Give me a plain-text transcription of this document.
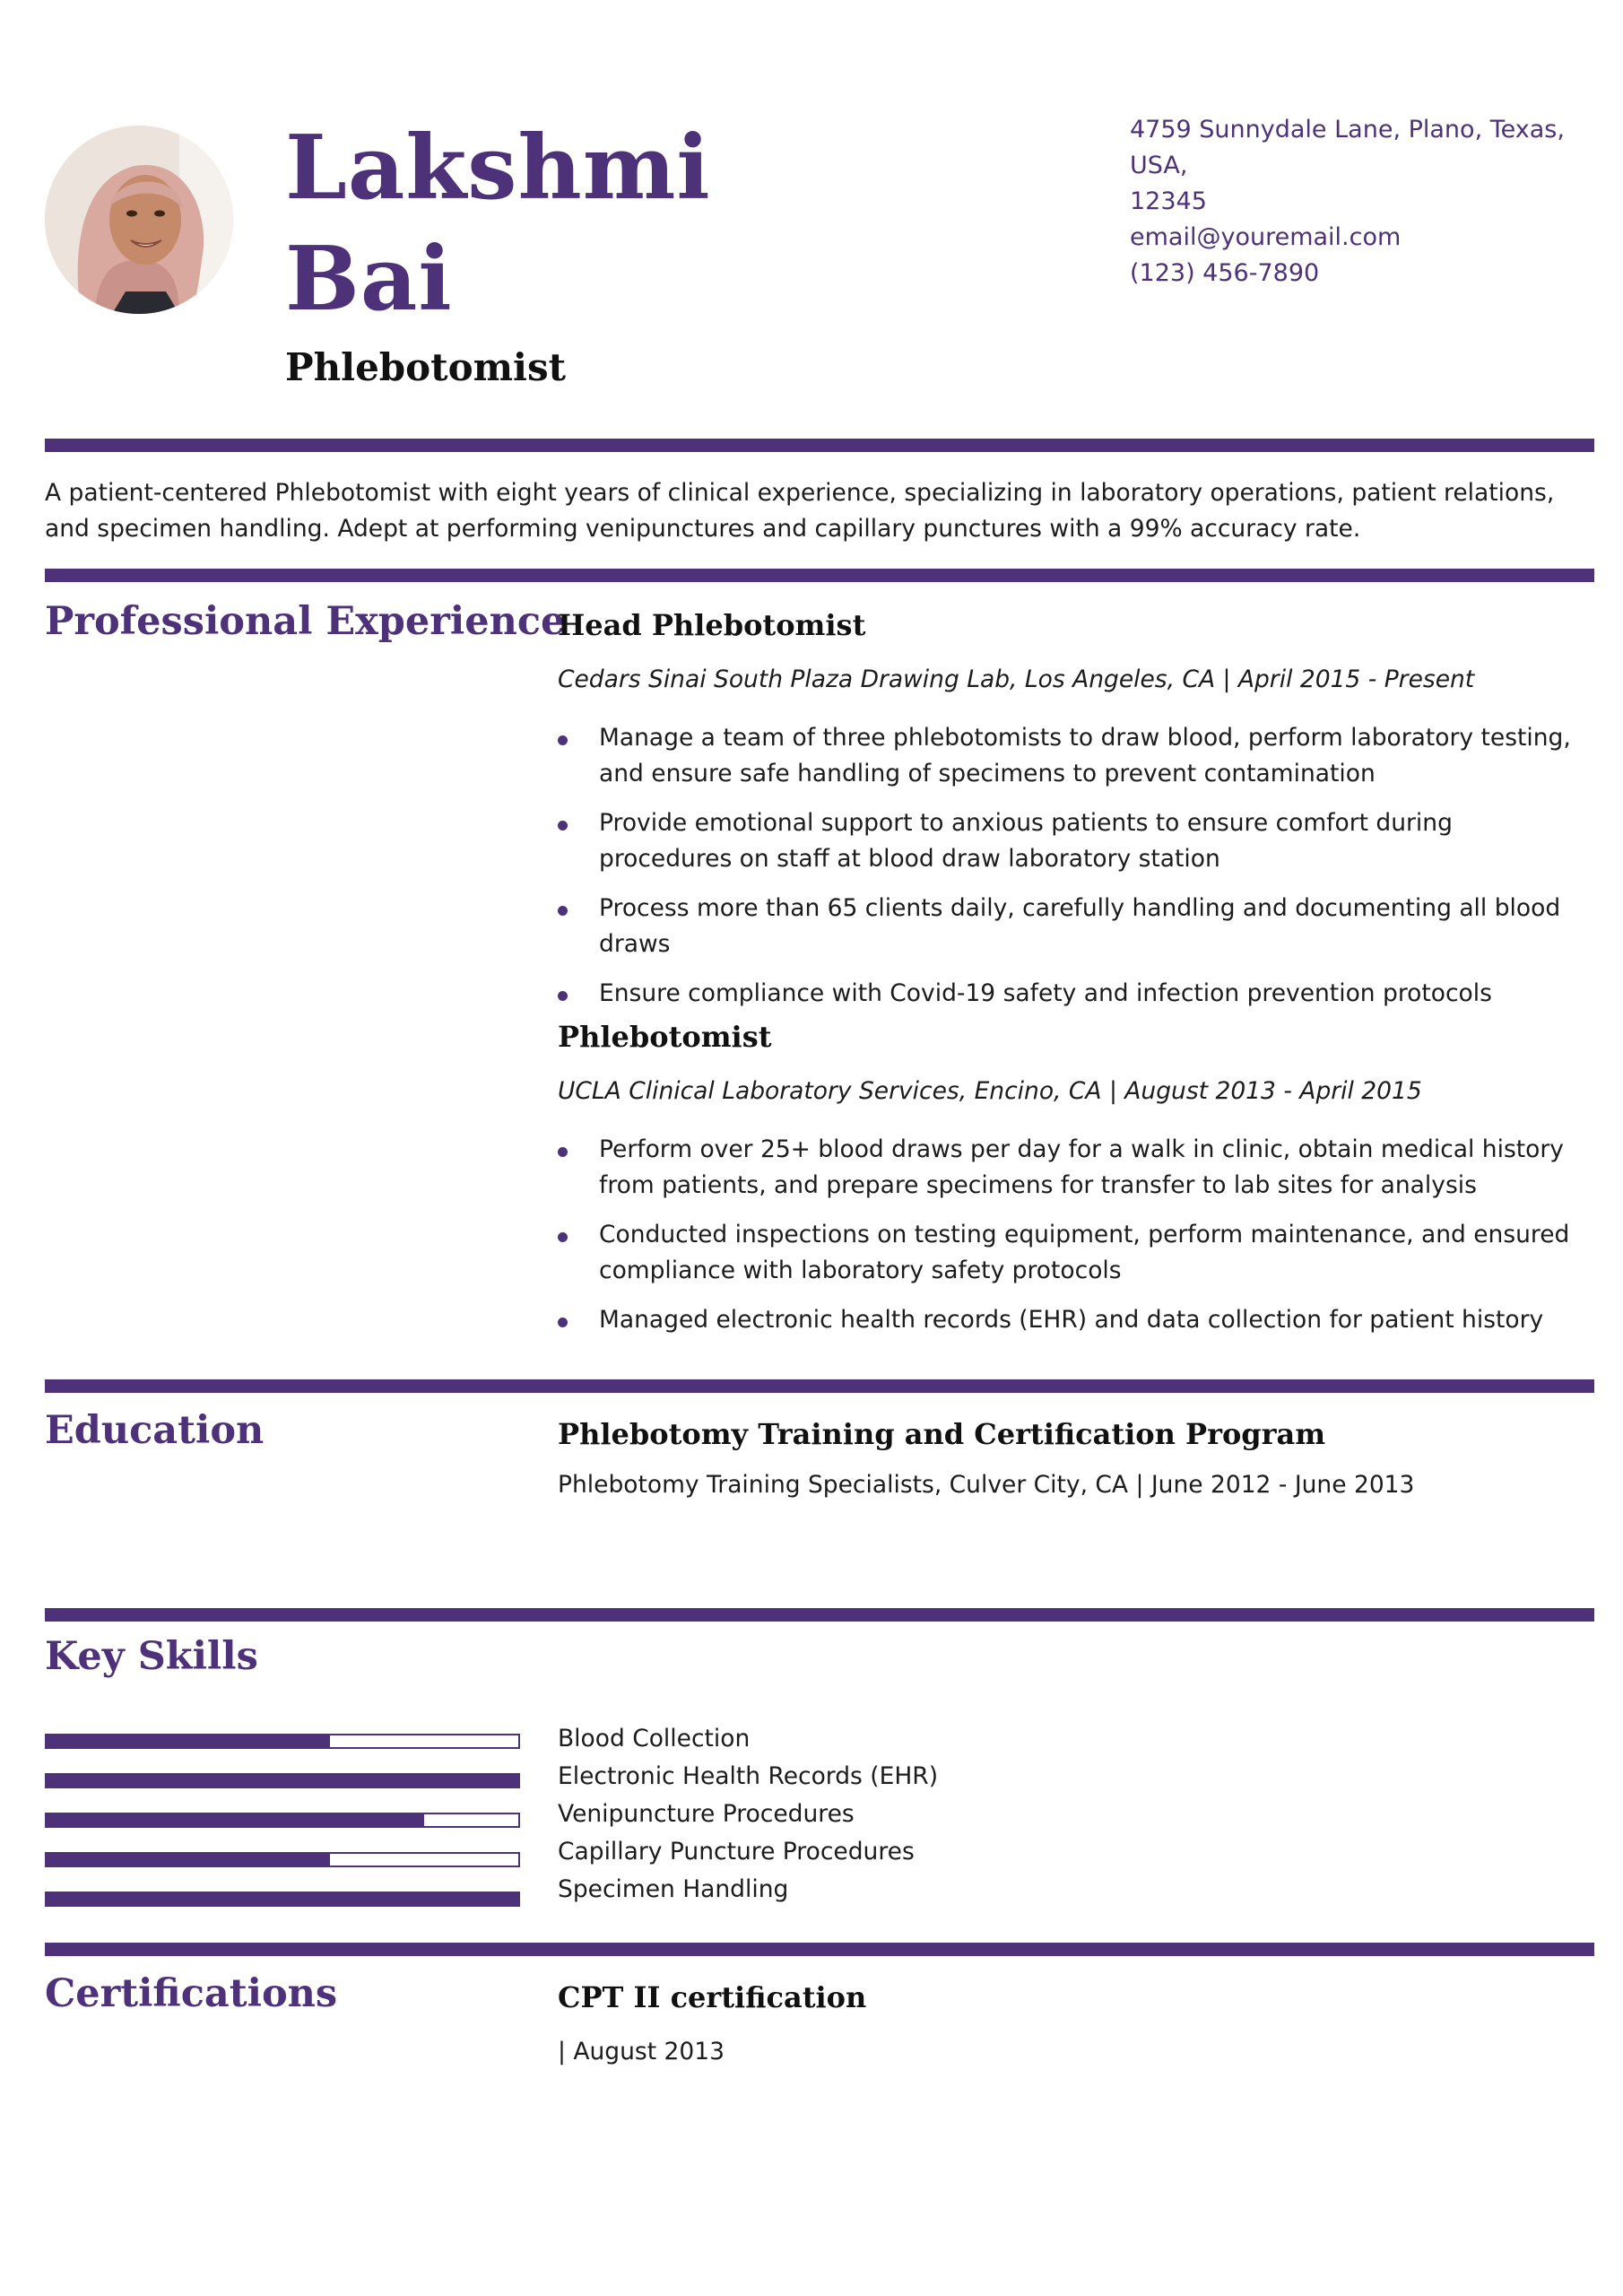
Lakshmi
Bai
Phlebotomist
4759 Sunnydale Lane, Plano, Texas, USA,
12345
email@youremail.com
(123) 456-7890

A patient-centered Phlebotomist with eight years of clinical experience, specializing in laboratory operations, patient relations, and specimen handling. Adept at performing venipunctures and capillary punctures with a 99% accuracy rate.

Professional Experience
Head Phlebotomist
Cedars Sinai South Plaza Drawing Lab, Los Angeles, CA | April 2015 - Present
Manage a team of three phlebotomists to draw blood, perform laboratory testing, and ensure safe handling of specimens to prevent contamination
Provide emotional support to anxious patients to ensure comfort during procedures on staff at blood draw laboratory station
Process more than 65 clients daily, carefully handling and documenting all blood draws
Ensure compliance with Covid-19 safety and infection prevention protocols
Phlebotomist
UCLA Clinical Laboratory Services, Encino, CA | August 2013 - April 2015
Perform over 25+ blood draws per day for a walk in clinic, obtain medical history from patients, and prepare specimens for transfer to lab sites for analysis
Conducted inspections on testing equipment, perform maintenance, and ensured compliance with laboratory safety protocols
Managed electronic health records (EHR) and data collection for patient history
Education	Phlebotomy Training and Certification Program
Phlebotomy Training Specialists, Culver City, CA | June 2012 - June 2013
Key Skills
Blood Collection
Electronic Health Records (EHR)
Venipuncture Procedures
Capillary Puncture Procedures
Specimen Handling
Certifications	CPT II certification
| August 2013
